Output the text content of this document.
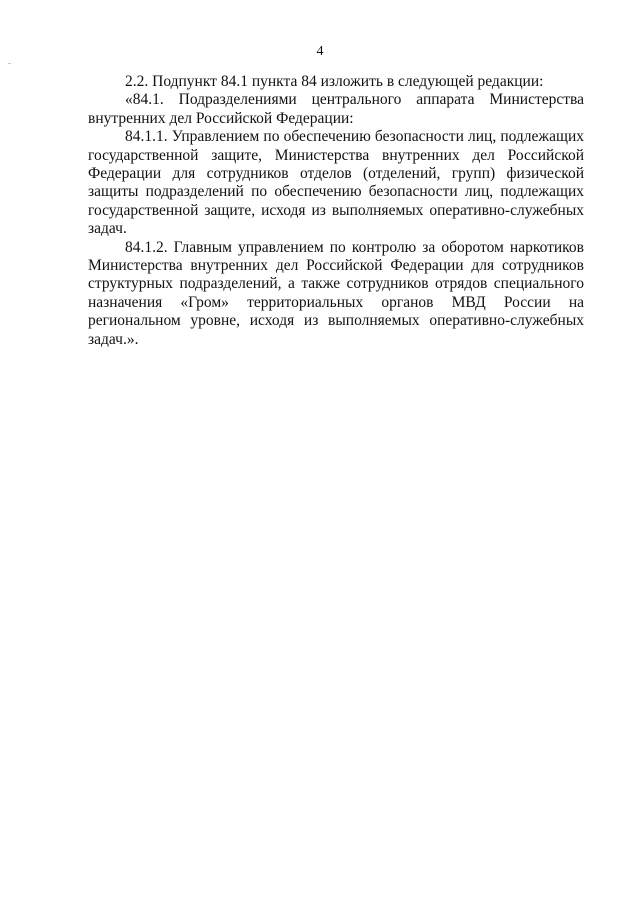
4

2.2. Подпункт 84.1 пункта 84 изложить в следующей редакции:

«84.1. Подразделениями центрального аппарата Министерства внутренних дел Российской Федерации:

84.1.1. Управлением по обеспечению безопасности лиц, подлежащих государственной защите, Министерства внутренних дел Российской Федерации для сотрудников отделов (отделений, групп) физической защиты подразделений по обеспечению безопасности лиц, подлежащих государственной защите, исходя из выполняемых оперативно-служебных задач.

84.1.2. Главным управлением по контролю за оборотом наркотиков Министерства внутренних дел Российской Федерации для сотрудников структурных подразделений, а также сотрудников отрядов специального назначения «Гром» территориальных органов МВД России на региональном уровне, исходя из выполняемых оперативно-служебных задач.».
